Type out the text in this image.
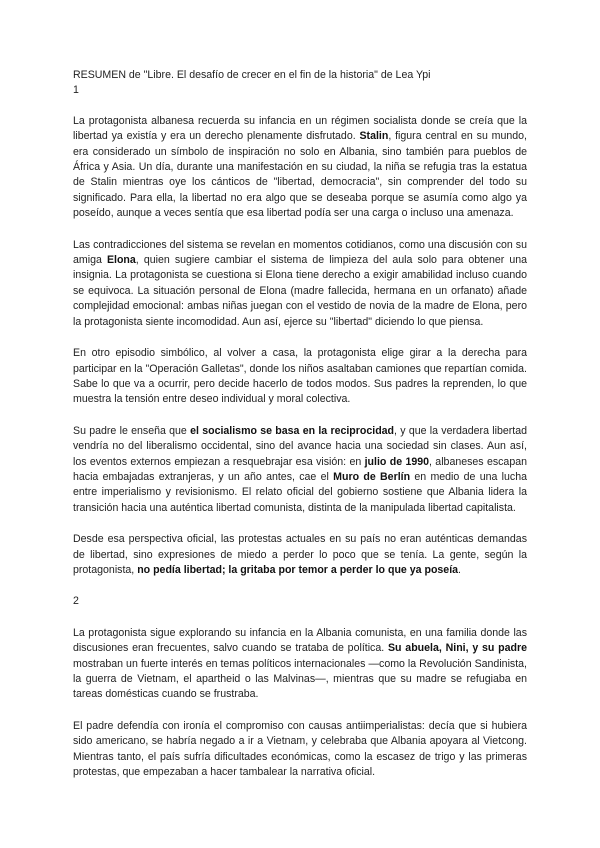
RESUMEN de "Libre. El desafío de crecer en el fin de la historia" de Lea Ypi
1

La protagonista albanesa recuerda su infancia en un régimen socialista donde se creía que la libertad ya existía y era un derecho plenamente disfrutado. Stalin, figura central en su mundo, era considerado un símbolo de inspiración no solo en Albania, sino también para pueblos de África y Asia. Un día, durante una manifestación en su ciudad, la niña se refugia tras la estatua de Stalin mientras oye los cánticos de "libertad, democracia", sin comprender del todo su significado. Para ella, la libertad no era algo que se deseaba porque se asumía como algo ya poseído, aunque a veces sentía que esa libertad podía ser una carga o incluso una amenaza.

Las contradicciones del sistema se revelan en momentos cotidianos, como una discusión con su amiga Elona, quien sugiere cambiar el sistema de limpieza del aula solo para obtener una insignia. La protagonista se cuestiona si Elona tiene derecho a exigir amabilidad incluso cuando se equivoca. La situación personal de Elona (madre fallecida, hermana en un orfanato) añade complejidad emocional: ambas niñas juegan con el vestido de novia de la madre de Elona, pero la protagonista siente incomodidad. Aun así, ejerce su "libertad" diciendo lo que piensa.

En otro episodio simbólico, al volver a casa, la protagonista elige girar a la derecha para participar en la "Operación Galletas", donde los niños asaltaban camiones que repartían comida. Sabe lo que va a ocurrir, pero decide hacerlo de todos modos. Sus padres la reprenden, lo que muestra la tensión entre deseo individual y moral colectiva.

Su padre le enseña que el socialismo se basa en la reciprocidad, y que la verdadera libertad vendría no del liberalismo occidental, sino del avance hacia una sociedad sin clases. Aun así, los eventos externos empiezan a resquebrajar esa visión: en julio de 1990, albaneses escapan hacia embajadas extranjeras, y un año antes, cae el Muro de Berlín en medio de una lucha entre imperialismo y revisionismo. El relato oficial del gobierno sostiene que Albania lidera la transición hacia una auténtica libertad comunista, distinta de la manipulada libertad capitalista.

Desde esa perspectiva oficial, las protestas actuales en su país no eran auténticas demandas de libertad, sino expresiones de miedo a perder lo poco que se tenía. La gente, según la protagonista, no pedía libertad; la gritaba por temor a perder lo que ya poseía.

2

La protagonista sigue explorando su infancia en la Albania comunista, en una familia donde las discusiones eran frecuentes, salvo cuando se trataba de política. Su abuela, Nini, y su padre mostraban un fuerte interés en temas políticos internacionales —como la Revolución Sandinista, la guerra de Vietnam, el apartheid o las Malvinas—, mientras que su madre se refugiaba en tareas domésticas cuando se frustraba.

El padre defendía con ironía el compromiso con causas antiimperialistas: decía que si hubiera sido americano, se habría negado a ir a Vietnam, y celebraba que Albania apoyara al Vietcong. Mientras tanto, el país sufría dificultades económicas, como la escasez de trigo y las primeras protestas, que empezaban a hacer tambalear la narrativa oficial.
